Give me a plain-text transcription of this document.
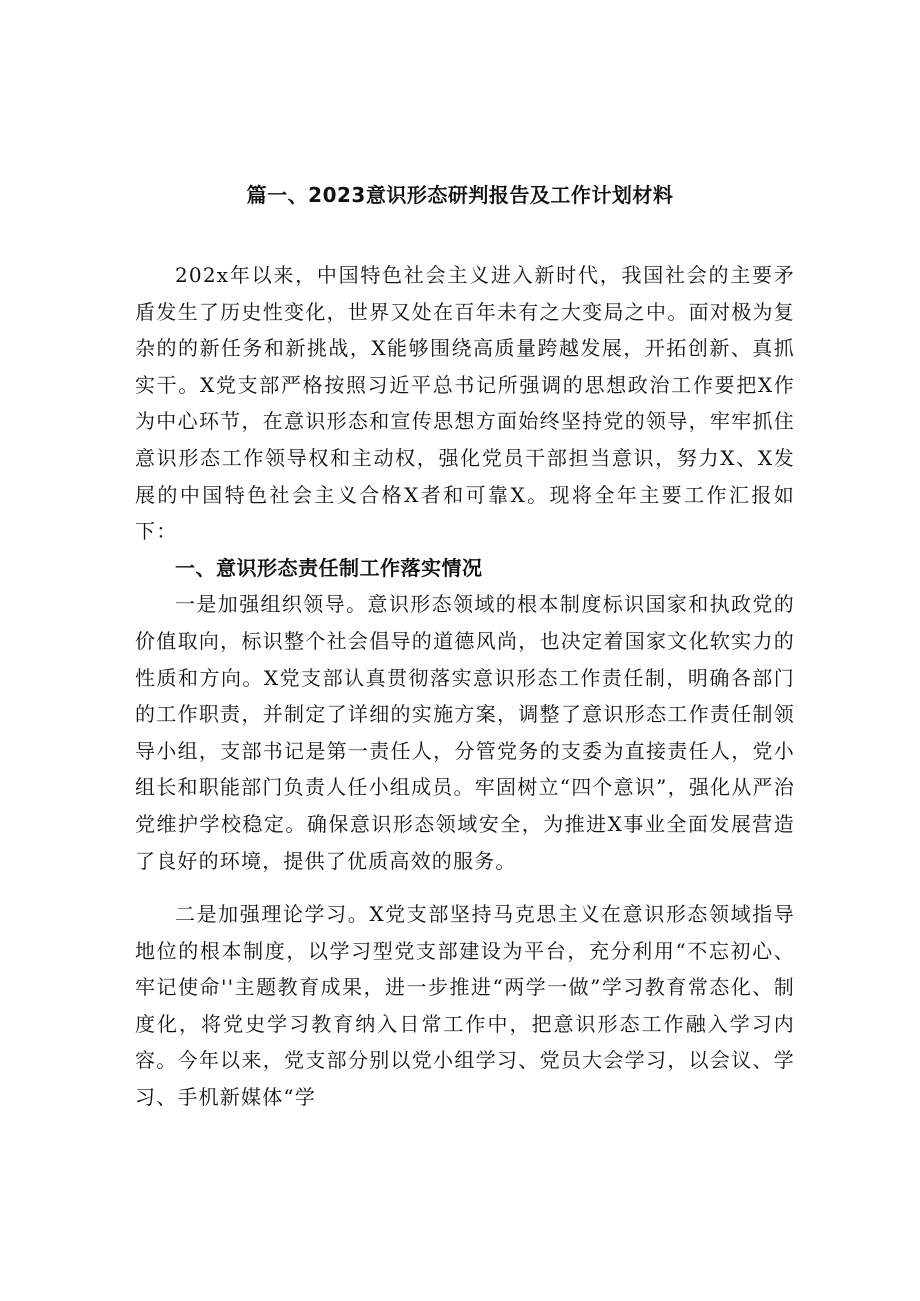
篇一、2023意识形态研判报告及工作计划材料

202x年以来，中国特色社会主义进入新时代，我国社会的主要矛盾发生了历史性变化，世界又处在百年未有之大变局之中。面对极为复杂的的新任务和新挑战，X能够围绕高质量跨越发展，开拓创新、真抓实干。X党支部严格按照习近平总书记所强调的思想政治工作要把X作为中心环节，在意识形态和宣传思想方面始终坚持党的领导，牢牢抓住意识形态工作领导权和主动权，强化党员干部担当意识，努力X、X发展的中国特色社会主义合格X者和可靠X。现将全年主要工作汇报如下：

一、意识形态责任制工作落实情况

一是加强组织领导。意识形态领域的根本制度标识国家和执政党的价值取向，标识整个社会倡导的道德风尚，也决定着国家文化软实力的性质和方向。X党支部认真贯彻落实意识形态工作责任制，明确各部门的工作职责，并制定了详细的实施方案，调整了意识形态工作责任制领导小组，支部书记是第一责任人，分管党务的支委为直接责任人，党小组长和职能部门负责人任小组成员。牢固树立“四个意识”，强化从严治党维护学校稳定。确保意识形态领域安全，为推进X事业全面发展营造了良好的环境，提供了优质高效的服务。

二是加强理论学习。X党支部坚持马克思主义在意识形态领域指导地位的根本制度，以学习型党支部建设为平台，充分利用“不忘初心、牢记使命''主题教育成果，进一步推进“两学一做”学习教育常态化、制度化，将党史学习教育纳入日常工作中，把意识形态工作融入学习内容。今年以来，党支部分别以党小组学习、党员大会学习，以会议、学习、手机新媒体“学
